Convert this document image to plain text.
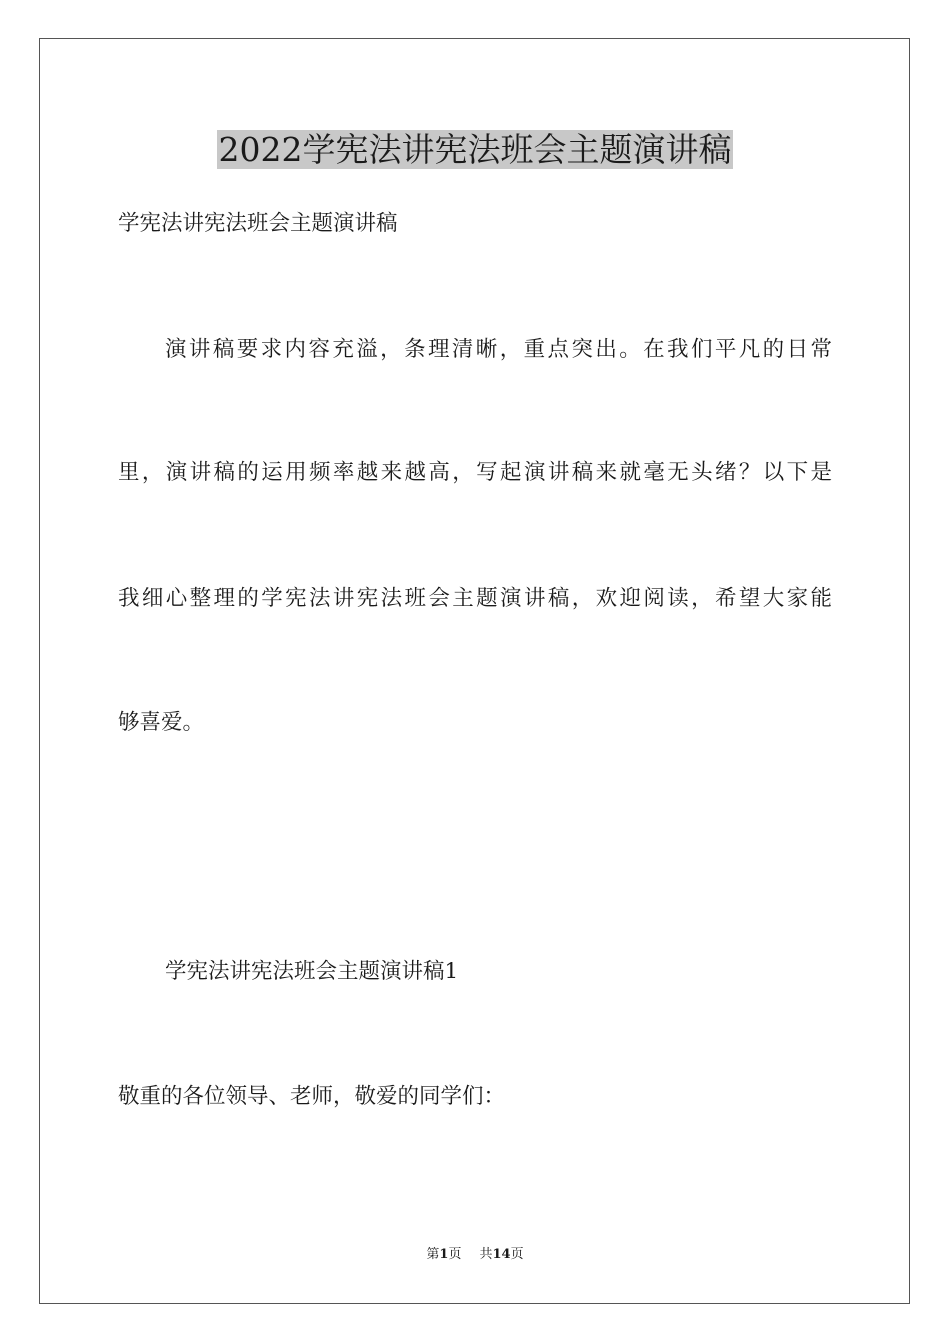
2022学宪法讲宪法班会主题演讲稿

学宪法讲宪法班会主题演讲稿

演讲稿要求内容充溢，条理清晰，重点突出。在我们平凡的日常

里，演讲稿的运用频率越来越高，写起演讲稿来就毫无头绪？以下是

我细心整理的学宪法讲宪法班会主题演讲稿，欢迎阅读，希望大家能

够喜爱。

学宪法讲宪法班会主题演讲稿1

敬重的各位领导、老师，敬爱的同学们：

第1页 共14页
